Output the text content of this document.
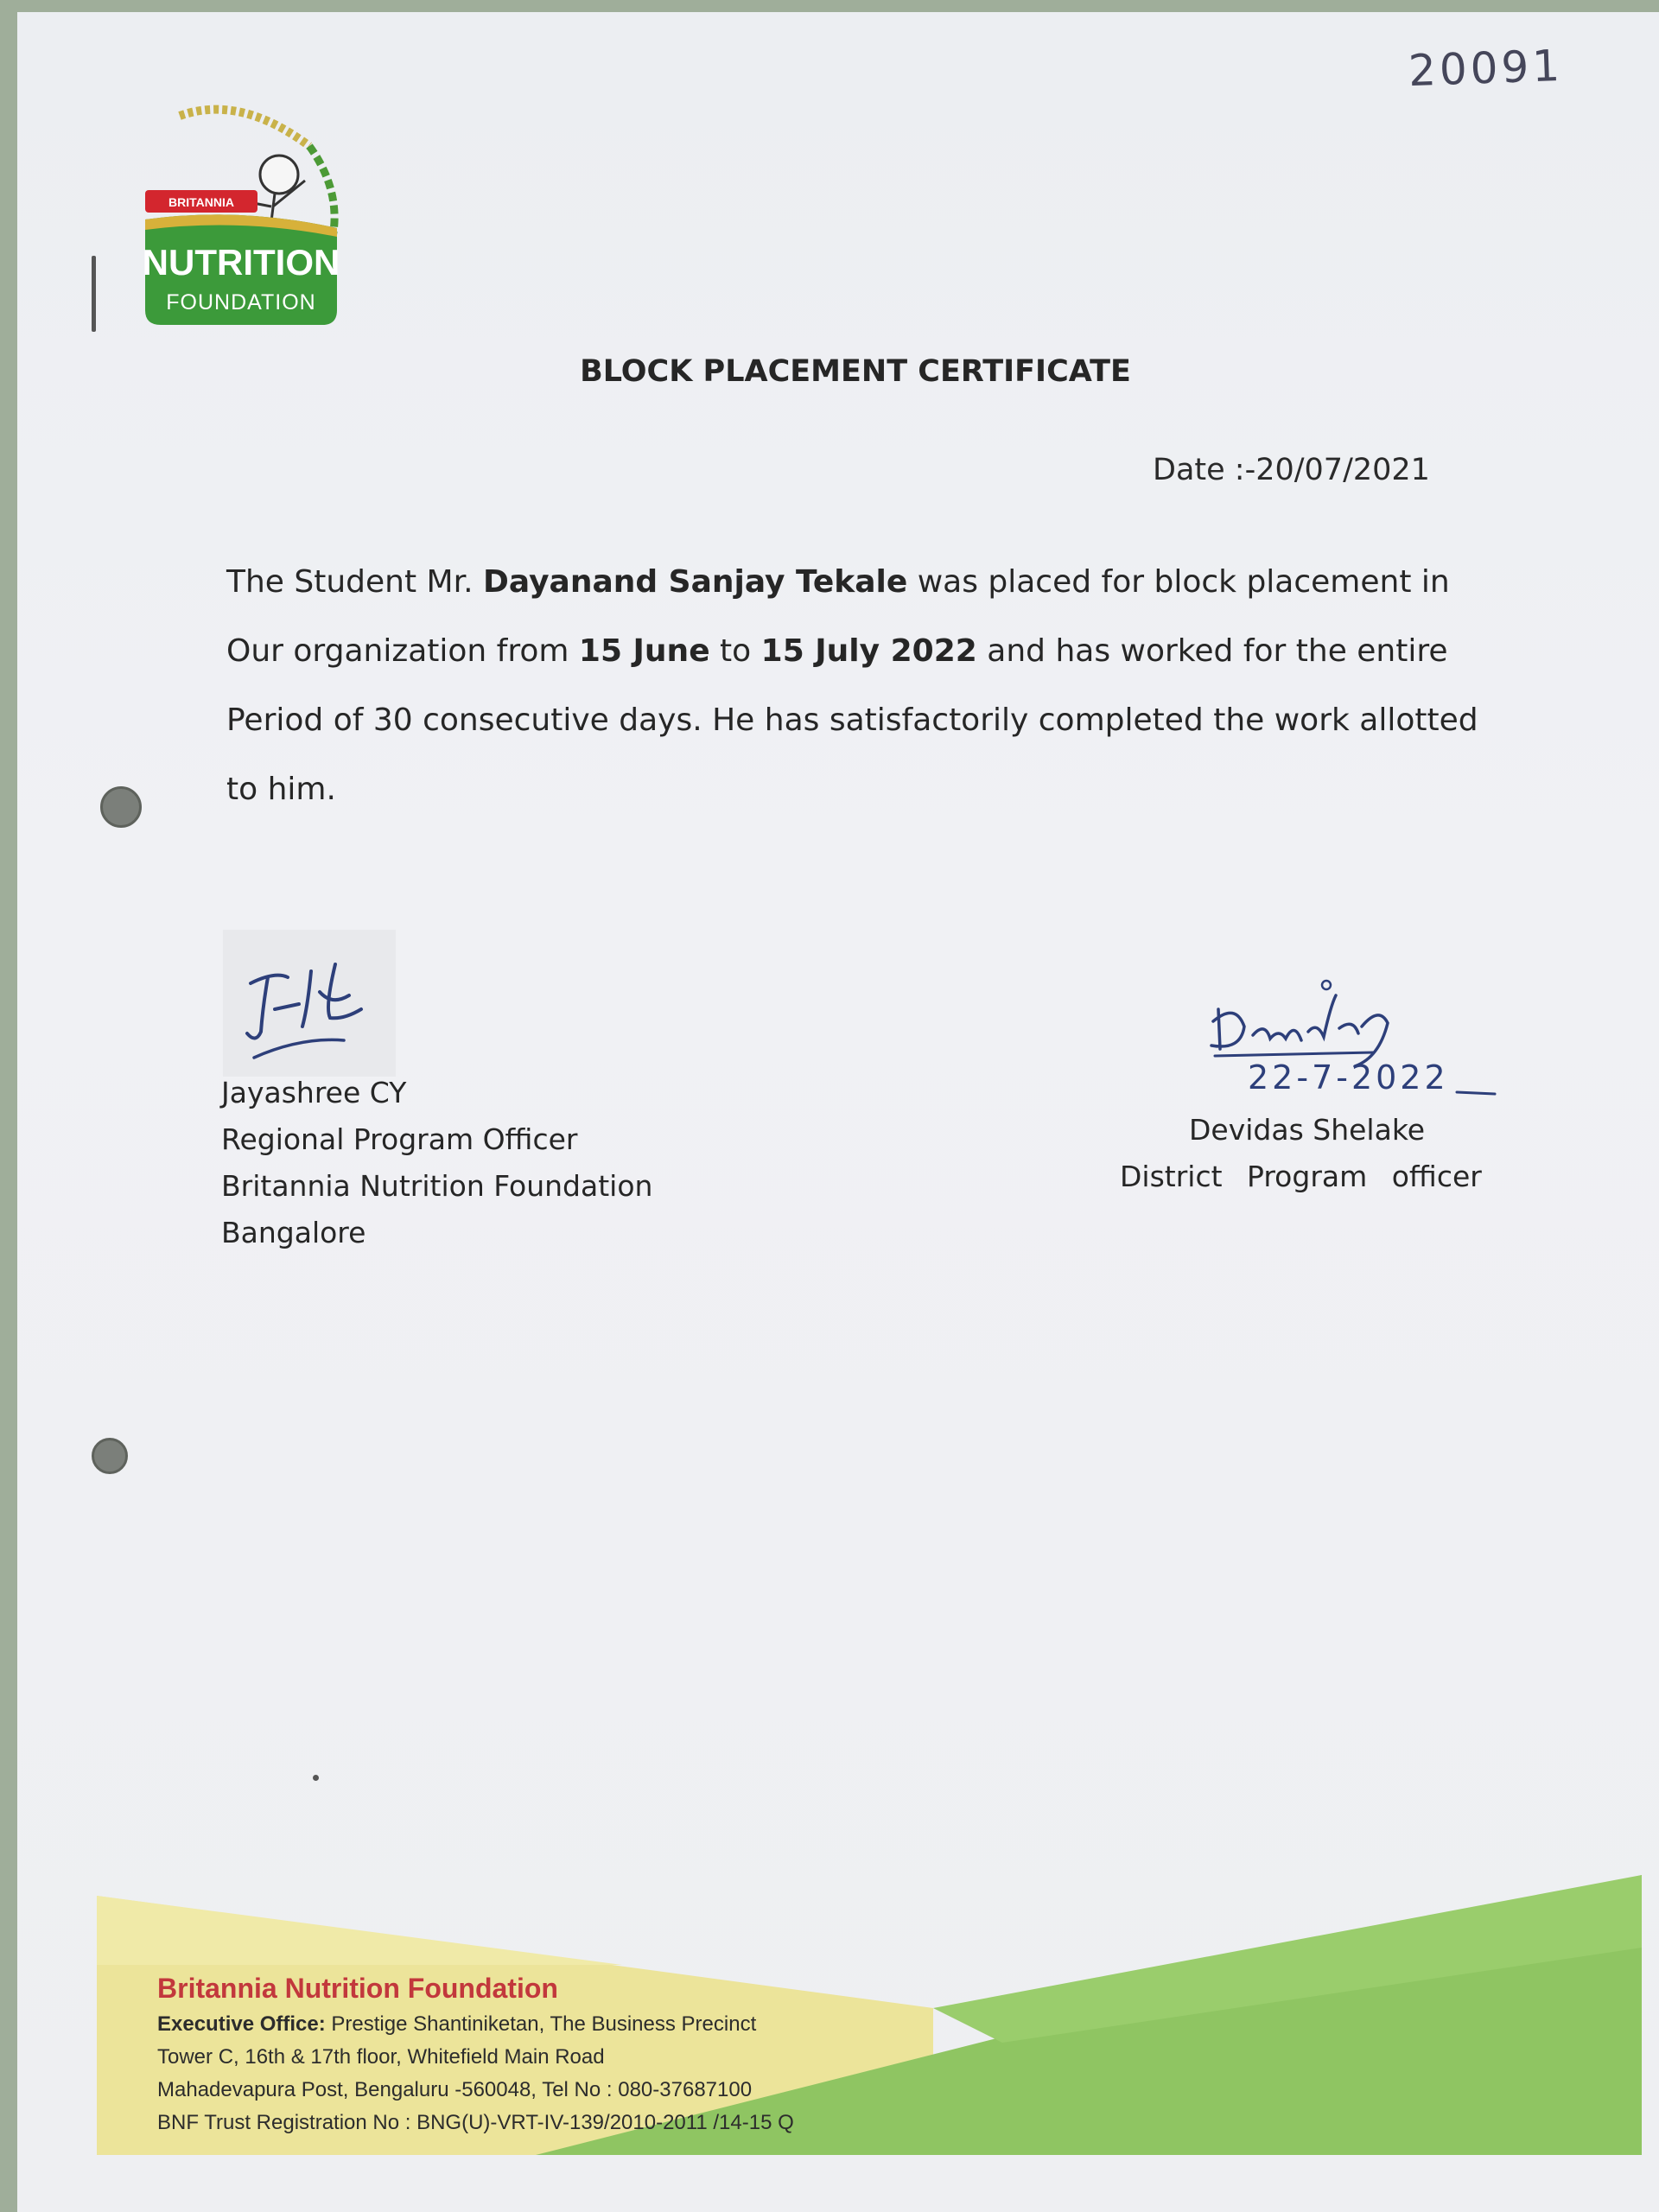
20091
BRITANNIA
NUTRITION
FOUNDATION
BLOCK PLACEMENT CERTIFICATE
Date :-20/07/2021
The Student Mr. Dayanand Sanjay Tekale was placed for block placement in Our organization from 15 June to 15 July 2022 and has worked for the entire Period of 30 consecutive days. He has satisfactorily completed the work allotted to him.
Jayashree CY
Regional Program Officer
Britannia Nutrition Foundation
Bangalore
22-7-2022
Devidas Shelake
District Program officer
Britannia Nutrition Foundation
Executive Office: Prestige Shantiniketan, The Business Precinct
Tower C, 16th & 17th floor, Whitefield Main Road
Mahadevapura Post, Bengaluru -560048, Tel No : 080-37687100
BNF Trust Registration No : BNG(U)-VRT-IV-139/2010-2011 /14-15 Q
